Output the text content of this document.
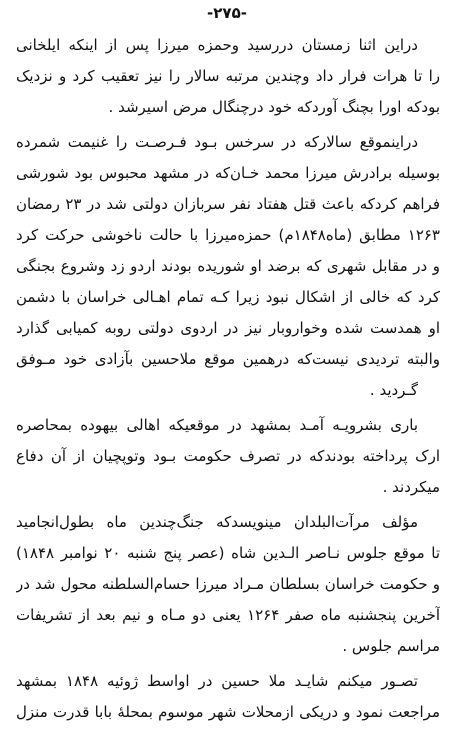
-۲۷۵-
دراین اثنا زمستان دررسید وحمزه میرزا پس از اینکه ایلخانی
را تا هرات فرار داد وچندین مرتبه سالار را نیز تعقیب کرد و نزدیک
بودکه اورا بچنگ آوردکه خود درچنگال مرض اسیرشد .
دراینموقع سالارکه در سرخس بـود فـرصـت را غنیمت شمرده
بوسیله برادرش میرزا محمد خـان‌که در مشهد محبوس بود شورشی
فراهم کردکه باعث قتل هفتاد نفر سربازان دولتی شد در ۲۳ رمضان
۱۲۶۳ مطابق (ماه۱۸۴۸م) حمزه‌میرزا با حالت ناخوشی حرکت کرد
و در مقابل شهری که برضد او شوریده بودند اردو زد وشروع بجنگی
کرد که خالی از اشکال نبود زیرا کـه تمام اهـالی خراسان با دشمن
او همدست شده وخواروبار نیز در اردوی دولتی روبه کمیابی گذارد
والبته تردیدی نیست‌که درهمین موقع ملاحسین بآزادی خود مـوفق
گـردید .
باری بشرویـه آمـد بمشهد در موقعیکه اهالی بیهوده بمحاصره
ارک پرداخته بودندکه در تصرف حکومت بـود وتوپچیان از آن دفاع
میکردند .
مؤلف مرآت‌البلدان مینویسدکه جنگ‌چندین ماه بطول‌انجامید
تا موقع جلوس نـاصر الـدین شاه (عصر پنج شنبه ۲۰ نوامبر ۱۸۴۸)
و حکومت خراسان بسلطان مـراد میرزا حسام‌السلطنه محول شد در
آخرین پنجشنبه ماه صفر ۱۲۶۴ یعنی دو مـاه و نیم بعد از تشریفات
مراسم جلوس .
تصـور میکنم شایـد ملا حسین در اواسط ژوئیه ۱۸۴۸ بمشهد
مراجعت نمود و دریکی ازمحلات شهر موسوم بمحلهٔ بابا قدرت منزل
